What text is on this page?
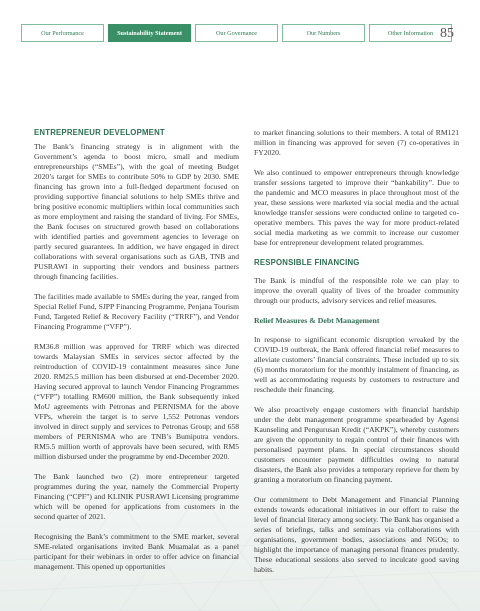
Our Performance	Sustainability Statement	Our Governance	Our Numbers	Other Information 85
ENTREPRENEUR DEVELOPMENT

The Bank’s financing strategy is in alignment with the Government’s agenda to boost micro, small and medium entrepreneurships (“SMEs”), with the goal of meeting Budget 2020’s target for SMEs to contribute 50% to GDP by 2030. SME financing has grown into a full-fledged department focused on providing supportive financial solutions to help SMEs thrive and bring positive economic multipliers within local communities such as more employment and raising the standard of living. For SMEs, the Bank focuses on structured growth based on collaborations with identified parties and government agencies to leverage on partly secured guarantees. In addition, we have engaged in direct collaborations with several organisations such as GAB, TNB and PUSRAWI in supporting their vendors and business partners through financing facilities.

The facilities made available to SMEs during the year, ranged from Special Relief Fund, SJPP Financing Programme, Penjana Tourism Fund, Targeted Relief & Recovery Facility (“TRRF”), and Vendor Financing Programme (“VFP”).

RM36.8 million was approved for TRRF which was directed towards Malaysian SMEs in services sector affected by the reintroduction of COVID-19 containment measures since June 2020. RM25.5 million has been disbursed at end-December 2020. Having secured approval to launch Vendor Financing Programmes (“VFP”) totalling RM600 million, the Bank subsequently inked MoU agreements with Petronas and PERNISMA for the above VFPs, wherein the target is to serve 1,552 Petronas vendors involved in direct supply and services to Petronas Group; and 658 members of PERNISMA who are TNB’s Bumiputra vendors. RM5.5 million worth of approvals have been secured, with RM5 million disbursed under the programme by end-December 2020.

The Bank launched two (2) more entrepreneur targeted programmes during the year, namely the Commercial Property Financing (“CPF”) and KLINIK PUSRAWI Licensing programme which will be opened for applications from customers in the second quarter of 2021.

Recognising the Bank’s commitment to the SME market, several SME-related organisations invited Bank Muamalat as a panel participant for their webinars in order to offer advice on financial management. This opened up opportunities

to market financing solutions to their members. A total of RM121 million in financing was approved for seven (7) co-operatives in FY2020.

We also continued to empower entrepreneurs through knowledge transfer sessions targeted to improve their “bankability”. Due to the pandemic and MCO measures in place throughout most of the year, these sessions were marketed via social media and the actual knowledge transfer sessions were conducted online to targeted co-operative members. This paves the way for more product-related social media marketing as we commit to increase our customer base for entrepreneur development related programmes.

RESPONSIBLE FINANCING

The Bank is mindful of the responsible role we can play to improve the overall quality of lives of the broader community through our products, advisory services and relief measures.

Relief Measures & Debt Management

In response to significant economic disruption wreaked by the COVID-19 outbreak, the Bank offered financial relief measures to alleviate customers’ financial constraints. These included up to six (6) months moratorium for the monthly instalment of financing, as well as accommodating requests by customers to restructure and reschedule their financing.

We also proactively engage customers with financial hardship under the debt management programme spearheaded by Agensi Kaunseling and Pengurusan Kredit (“AKPK”), whereby customers are given the opportunity to regain control of their finances with personalised payment plans. In special circumstances should customers encounter payment difficulties owing to natural disasters, the Bank also provides a temporary reprieve for them by granting a moratorium on financing payment.

Our commitment to Debt Management and Financial Planning extends towards educational initiatives in our effort to raise the level of financial literacy among society. The Bank has organised a series of briefings, talks and seminars via collaborations with organisations, government bodies, associations and NGOs; to highlight the importance of managing personal finances prudently. These educational sessions also served to inculcate good saving habits.
